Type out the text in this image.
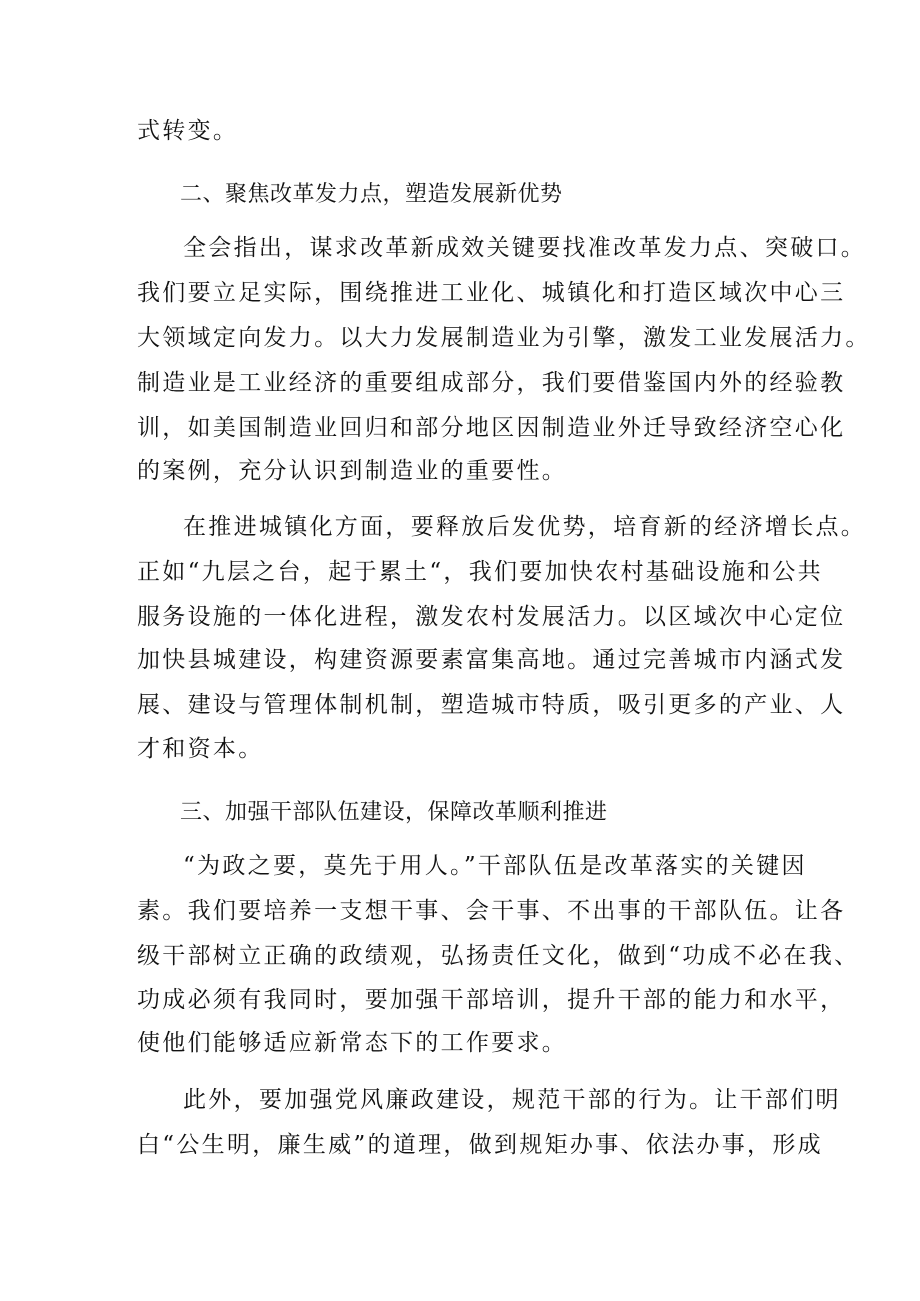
式转变。
二、聚焦改革发力点，塑造发展新优势
全会指出，谋求改革新成效关键要找准改革发力点、突破口。
我们要立足实际，围绕推进工业化、城镇化和打造区域次中心三
大领域定向发力。以大力发展制造业为引擎，激发工业发展活力。
制造业是工业经济的重要组成部分，我们要借鉴国内外的经验教
训，如美国制造业回归和部分地区因制造业外迁导致经济空心化
的案例，充分认识到制造业的重要性。
在推进城镇化方面，要释放后发优势，培育新的经济增长点。
正如“九层之台，起于累土“，我们要加快农村基础设施和公共
服务设施的一体化进程，激发农村发展活力。以区域次中心定位
加快县城建设，构建资源要素富集高地。通过完善城市内涵式发
展、建设与管理体制机制，塑造城市特质，吸引更多的产业、人
才和资本。
三、加强干部队伍建设，保障改革顺利推进
“为政之要，莫先于用人。”干部队伍是改革落实的关键因
素。我们要培养一支想干事、会干事、不出事的干部队伍。让各
级干部树立正确的政绩观，弘扬责任文化，做到“功成不必在我、
功成必须有我同时，要加强干部培训，提升干部的能力和水平，
使他们能够适应新常态下的工作要求。
此外，要加强党风廉政建设，规范干部的行为。让干部们明
白“公生明，廉生威”的道理，做到规矩办事、依法办事，形成
